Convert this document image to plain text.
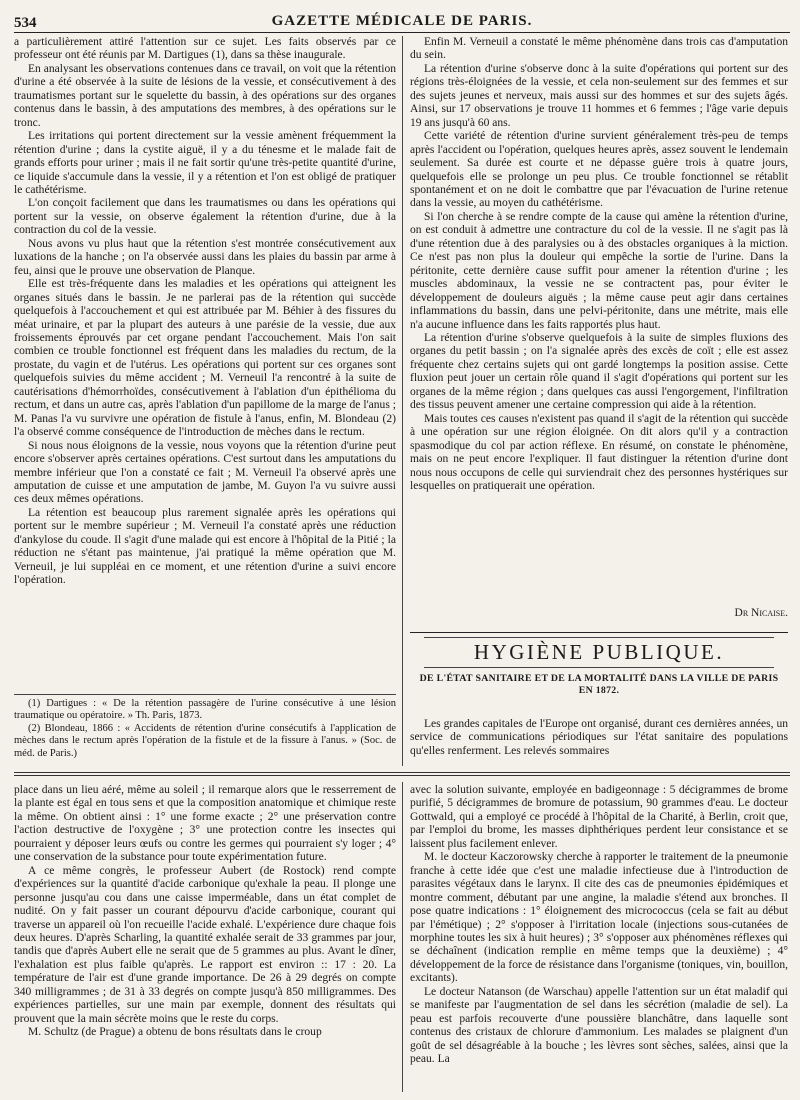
534	GAZETTE MÉDICALE DE PARIS.

a particulièrement attiré l'attention sur ce sujet. Les faits observés par ce professeur ont été réunis par M. Dartigues (1), dans sa thèse inaugurale.

En analysant les observations contenues dans ce travail, on voit que la rétention d'urine a été observée à la suite de lésions de la vessie, et consécutivement à des traumatismes portant sur le squelette du bassin, à des opérations sur des organes contenus dans le bassin, à des amputations des membres, à des opérations sur le tronc.

Les irritations qui portent directement sur la vessie amènent fréquemment la rétention d'urine ; dans la cystite aiguë, il y a du ténesme et le malade fait de grands efforts pour uriner ; mais il ne fait sortir qu'une très-petite quantité d'urine, ce liquide s'accumule dans la vessie, il y a rétention et l'on est obligé de pratiquer le cathétérisme.

L'on conçoit facilement que dans les traumatismes ou dans les opérations qui portent sur la vessie, on observe également la rétention d'urine, due à la contraction du col de la vessie.

Nous avons vu plus haut que la rétention s'est montrée consécutivement aux luxations de la hanche ; on l'a observée aussi dans les plaies du bassin par arme à feu, ainsi que le prouve une observation de Planque.

Elle est très-fréquente dans les maladies et les opérations qui atteignent les organes situés dans le bassin. Je ne parlerai pas de la rétention qui succède quelquefois à l'accouchement et qui est attribuée par M. Béhier à des fissures du méat urinaire, et par la plupart des auteurs à une parésie de la vessie, due aux froissements éprouvés par cet organe pendant l'accouchement. Mais l'on sait combien ce trouble fonctionnel est fréquent dans les maladies du rectum, de la prostate, du vagin et de l'utérus. Les opérations qui portent sur ces organes sont quelquefois suivies du même accident ; M. Verneuil l'a rencontré à la suite de cautérisations d'hémorrhoïdes, consécutivement à l'ablation d'un épithélioma du rectum, et dans un autre cas, après l'ablation d'un papillome de la marge de l'anus ; M. Panas l'a vu survivre une opération de fistule à l'anus, enfin, M. Blondeau (2) l'a observé comme conséquence de l'introduction de mèches dans le rectum.

Si nous nous éloignons de la vessie, nous voyons que la rétention d'urine peut encore s'observer après certaines opérations. C'est surtout dans les amputations du membre inférieur que l'on a constaté ce fait ; M. Verneuil l'a observé après une amputation de cuisse et une amputation de jambe, M. Guyon l'a vu suivre aussi ces deux mêmes opérations.

La rétention est beaucoup plus rarement signalée après les opérations qui portent sur le membre supérieur ; M. Verneuil l'a constaté après une réduction d'ankylose du coude. Il s'agit d'une malade qui est encore à l'hôpital de la Pitié ; la réduction ne s'étant pas maintenue, j'ai pratiqué la même opération que M. Verneuil, je lui suppléai en ce moment, et une rétention d'urine a suivi encore l'opération.

(1) Dartigues : « De la rétention passagère de l'urine consécutive à une lésion traumatique ou opératoire. » Th. Paris, 1873.

(2) Blondeau, 1866 : « Accidents de rétention d'urine consécutifs à l'application de mèches dans le rectum après l'opération de la fistule et de la fissure à l'anus. » (Soc. de méd. de Paris.)

Enfin M. Verneuil a constaté le même phénomène dans trois cas d'amputation du sein.

La rétention d'urine s'observe donc à la suite d'opérations qui portent sur des régions très-éloignées de la vessie, et cela non-seulement sur des femmes et sur des sujets jeunes et nerveux, mais aussi sur des hommes et sur des sujets âgés. Ainsi, sur 17 observations je trouve 11 hommes et 6 femmes ; l'âge varie depuis 19 ans jusqu'à 60 ans.

Cette variété de rétention d'urine survient généralement très-peu de temps après l'accident ou l'opération, quelques heures après, assez souvent le lendemain seulement. Sa durée est courte et ne dépasse guère trois à quatre jours, quelquefois elle se prolonge un peu plus. Ce trouble fonctionnel se rétablit spontanément et on ne doit le combattre que par l'évacuation de l'urine retenue dans la vessie, au moyen du cathétérisme.

Si l'on cherche à se rendre compte de la cause qui amène la rétention d'urine, on est conduit à admettre une contracture du col de la vessie. Il ne s'agit pas là d'une rétention due à des paralysies ou à des obstacles organiques à la miction. Ce n'est pas non plus la douleur qui empêche la sortie de l'urine. Dans la péritonite, cette dernière cause suffit pour amener la rétention d'urine ; les muscles abdominaux, la vessie ne se contractent pas, pour éviter le développement de douleurs aiguës ; la même cause peut agir dans certaines inflammations du bassin, dans une pelvi-péritonite, dans une métrite, mais elle n'a aucune influence dans les faits rapportés plus haut.

La rétention d'urine s'observe quelquefois à la suite de simples fluxions des organes du petit bassin ; on l'a signalée après des excès de coït ; elle est assez fréquente chez certains sujets qui ont gardé longtemps la position assise. Cette fluxion peut jouer un certain rôle quand il s'agit d'opérations qui portent sur les organes de la même région ; dans quelques cas aussi l'engorgement, l'infiltration des tissus peuvent amener une certaine compression qui aide à la rétention.

Mais toutes ces causes n'existent pas quand il s'agit de la rétention qui succède à une opération sur une région éloignée. On dit alors qu'il y a contraction spasmodique du col par action réflexe. En résumé, on constate le phénomène, mais on ne peut encore l'expliquer. Il faut distinguer la rétention d'urine dont nous nous occupons de celle qui surviendrait chez des personnes hystériques sur lesquelles on pratiquerait une opération.

Dr Nicaise.
HYGIÈNE PUBLIQUE.
DE L'ÉTAT SANITAIRE ET DE LA MORTALITÉ DANS LA VILLE DE PARIS
EN 1872.

Les grandes capitales de l'Europe ont organisé, durant ces dernières années, un service de communications périodiques sur l'état sanitaire des populations qu'elles renferment. Les relevés sommaires

place dans un lieu aéré, même au soleil ; il remarque alors que le resserrement de la plante est égal en tous sens et que la composition anatomique et chimique reste la même. On obtient ainsi : 1° une forme exacte ; 2° une préservation contre l'action destructive de l'oxygène ; 3° une protection contre les insectes qui pourraient y déposer leurs œufs ou contre les germes qui pourraient s'y loger ; 4° une conservation de la substance pour toute expérimentation future.

A ce même congrès, le professeur Aubert (de Rostock) rend compte d'expériences sur la quantité d'acide carbonique qu'exhale la peau. Il plonge une personne jusqu'au cou dans une caisse imperméable, dans un état complet de nudité. On y fait passer un courant dépourvu d'acide carbonique, courant qui traverse un appareil où l'on recueille l'acide exhalé. L'expérience dure chaque fois deux heures. D'après Scharling, la quantité exhalée serait de 33 grammes par jour, tandis que d'après Aubert elle ne serait que de 5 grammes au plus. Avant le dîner, l'exhalation est plus faible qu'après. Le rapport est environ :: 17 : 20. La température de l'air est d'une grande importance. De 26 à 29 degrés on compte 340 milligrammes ; de 31 à 33 degrés on compte jusqu'à 850 milligrammes. Des expériences partielles, sur une main par exemple, donnent des résultats qui prouvent que la main sécrète moins que le reste du corps.

M. Schultz (de Prague) a obtenu de bons résultats dans le croup

avec la solution suivante, employée en badigeonnage : 5 décigrammes de brome purifié, 5 décigrammes de bromure de potassium, 90 grammes d'eau. Le docteur Gottwald, qui a employé ce procédé à l'hôpital de la Charité, à Berlin, croit que, par l'emploi du brome, les masses diphthériques perdent leur consistance et se laissent plus facilement enlever.

M. le docteur Kaczorowsky cherche à rapporter le traitement de la pneumonie franche à cette idée que c'est une maladie infectieuse due à l'introduction de parasites végétaux dans le larynx. Il cite des cas de pneumonies épidémiques et montre comment, débutant par une angine, la maladie s'étend aux bronches. Il pose quatre indications : 1° éloignement des micrococcus (cela se fait au début par l'émétique) ; 2° s'opposer à l'irritation locale (injections sous-cutanées de morphine toutes les six à huit heures) ; 3° s'opposer aux phénomènes réflexes qui se déchaînent (indication remplie en même temps que la deuxième) ; 4° développement de la force de résistance dans l'organisme (toniques, vin, bouillon, excitants).

Le docteur Natanson (de Warschau) appelle l'attention sur un état maladif qui se manifeste par l'augmentation de sel dans les sécrétion (maladie de sel). La peau est parfois recouverte d'une poussière blanchâtre, dans laquelle sont contenus des cristaux de chlorure d'ammonium. Les malades se plaignent d'un goût de sel désagréable à la bouche ; les lèvres sont sèches, salées, ainsi que la peau. La
